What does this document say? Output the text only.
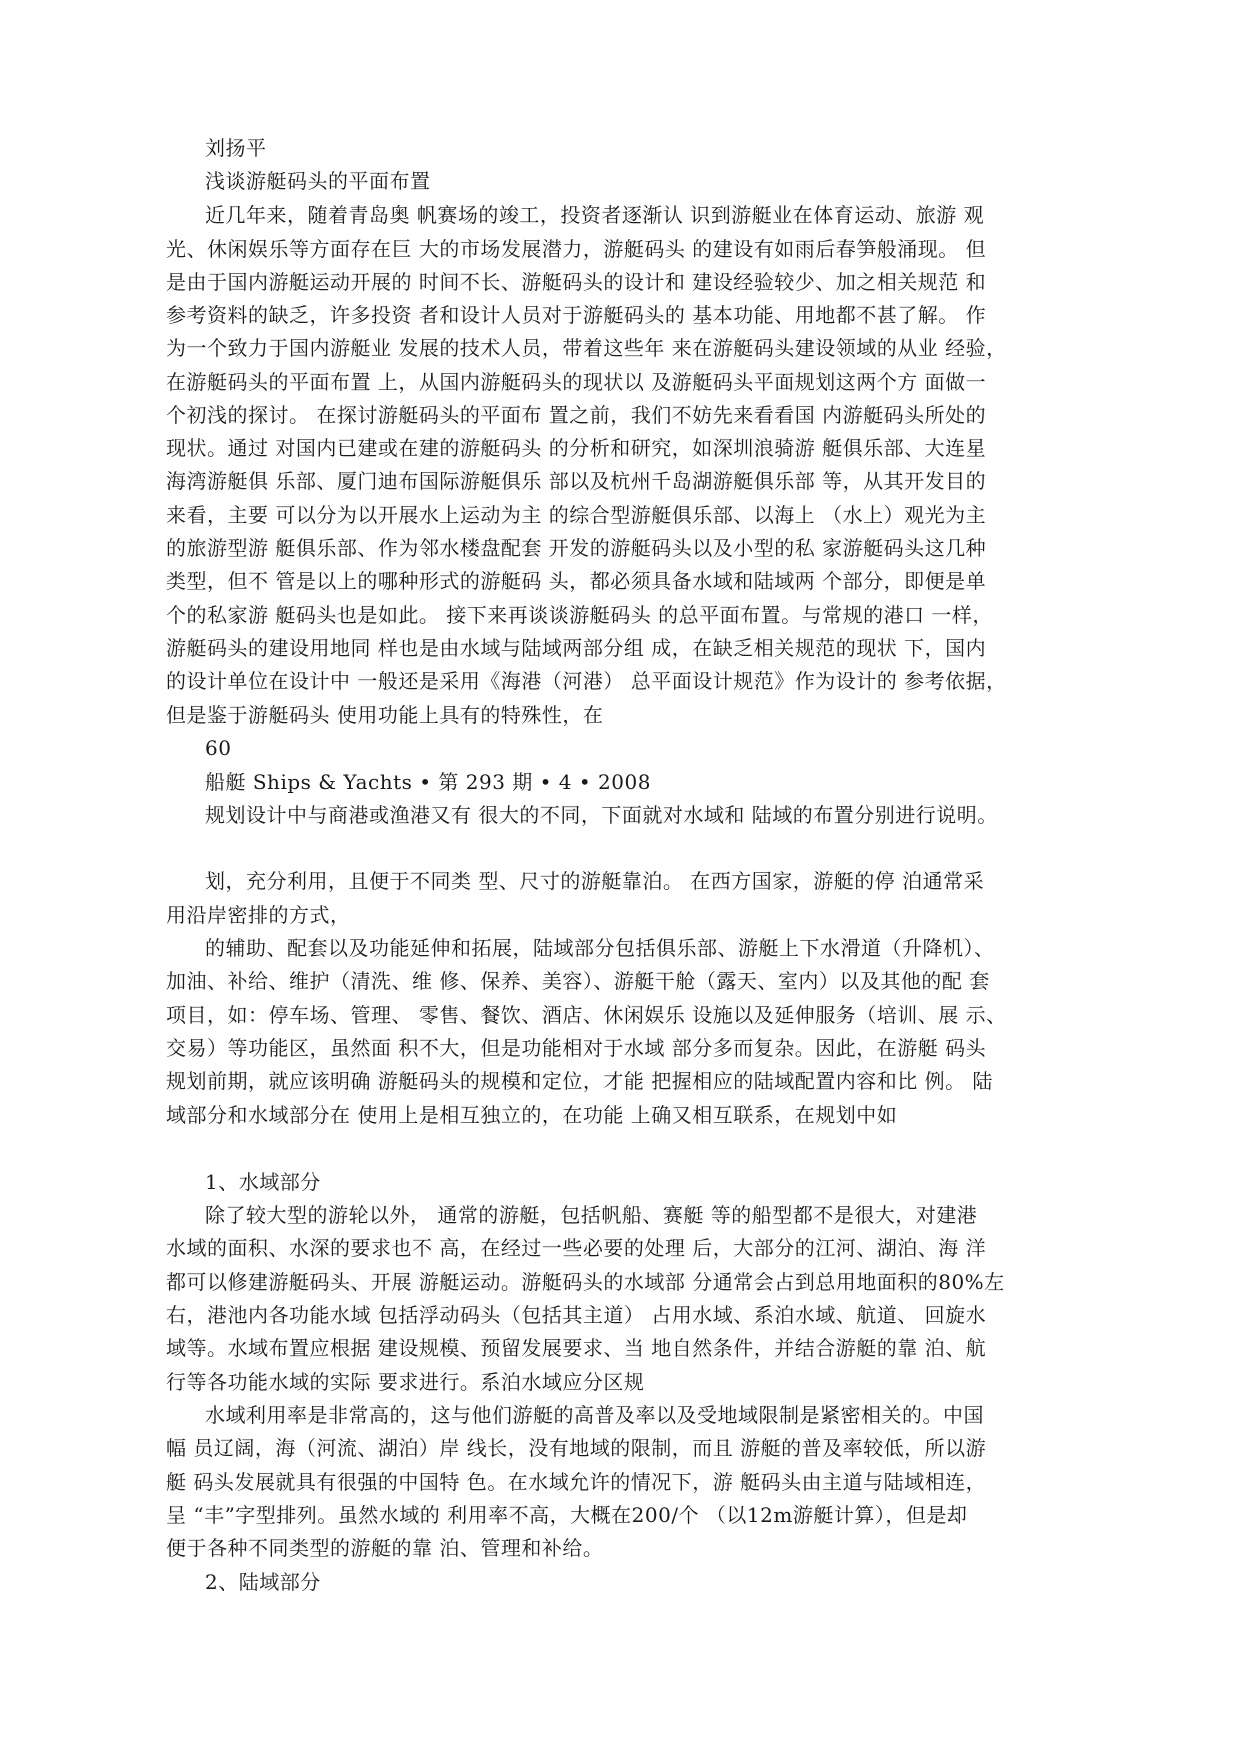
刘扬平
浅谈游艇码头的平面布置
近几年来，随着青岛奥 帆赛场的竣工，投资者逐渐认 识到游艇业在体育运动、旅游 观
光、休闲娱乐等方面存在巨 大的市场发展潜力，游艇码头 的建设有如雨后春笋般涌现。 但
是由于国内游艇运动开展的 时间不长、游艇码头的设计和 建设经验较少、加之相关规范 和
参考资料的缺乏，许多投资 者和设计人员对于游艇码头的 基本功能、用地都不甚了解。 作
为一个致力于国内游艇业 发展的技术人员，带着这些年 来在游艇码头建设领域的从业 经验，
在游艇码头的平面布置 上，从国内游艇码头的现状以 及游艇码头平面规划这两个方 面做一
个初浅的探讨。 在探讨游艇码头的平面布 置之前，我们不妨先来看看国 内游艇码头所处的
现状。通过 对国内已建或在建的游艇码头 的分析和研究，如深圳浪骑游 艇俱乐部、大连星
海湾游艇俱 乐部、厦门迪布国际游艇俱乐 部以及杭州千岛湖游艇俱乐部 等，从其开发目的
来看，主要 可以分为以开展水上运动为主 的综合型游艇俱乐部、以海上 （水上）观光为主
的旅游型游 艇俱乐部、作为邻水楼盘配套 开发的游艇码头以及小型的私 家游艇码头这几种
类型，但不 管是以上的哪种形式的游艇码 头，都必须具备水域和陆域两 个部分，即便是单
个的私家游 艇码头也是如此。 接下来再谈谈游艇码头 的总平面布置。与常规的港口 一样，
游艇码头的建设用地同 样也是由水域与陆域两部分组 成，在缺乏相关规范的现状 下，国内
的设计单位在设计中 一般还是采用《海港（河港） 总平面设计规范》作为设计的 参考依据，
但是鉴于游艇码头 使用功能上具有的特殊性，在
60
船艇 Ships & Yachts • 第 293 期 • 4 • 2008
规划设计中与商港或渔港又有 很大的不同，下面就对水域和 陆域的布置分别进行说明。
划，充分利用，且便于不同类 型、尺寸的游艇靠泊。 在西方国家，游艇的停 泊通常采
用沿岸密排的方式，
的辅助、配套以及功能延伸和拓展，陆域部分包括俱乐部、游艇上下水滑道（升降机）、
加油、补给、维护（清洗、维 修、保养、美容）、游艇干舱（露天、室内）以及其他的配 套
项目，如：停车场、管理、 零售、餐饮、酒店、休闲娱乐 设施以及延伸服务（培训、展 示、
交易）等功能区，虽然面 积不大，但是功能相对于水域 部分多而复杂。因此，在游艇 码头
规划前期，就应该明确 游艇码头的规模和定位，才能 把握相应的陆域配置内容和比 例。 陆
域部分和水域部分在 使用上是相互独立的，在功能 上确又相互联系，在规划中如
1、水域部分
除了较大型的游轮以外， 通常的游艇，包括帆船、赛艇 等的船型都不是很大，对建港
水域的面积、水深的要求也不 高，在经过一些必要的处理 后，大部分的江河、湖泊、海 洋
都可以修建游艇码头、开展 游艇运动。游艇码头的水域部 分通常会占到总用地面积的80%左
右，港池内各功能水域 包括浮动码头（包括其主道） 占用水域、系泊水域、航道、 回旋水
域等。水域布置应根据 建设规模、预留发展要求、当 地自然条件，并结合游艇的靠 泊、航
行等各功能水域的实际 要求进行。系泊水域应分区规
水域利用率是非常高的，这与他们游艇的高普及率以及受地域限制是紧密相关的。中国
幅 员辽阔，海（河流、湖泊）岸 线长，没有地域的限制，而且 游艇的普及率较低，所以游
艇 码头发展就具有很强的中国特 色。在水域允许的情况下，游 艇码头由主道与陆域相连，
呈 “丰”字型排列。虽然水域的 利用率不高，大概在200/个 （以12m游艇计算），但是却
便于各种不同类型的游艇的靠 泊、管理和补给。
2、陆域部分
